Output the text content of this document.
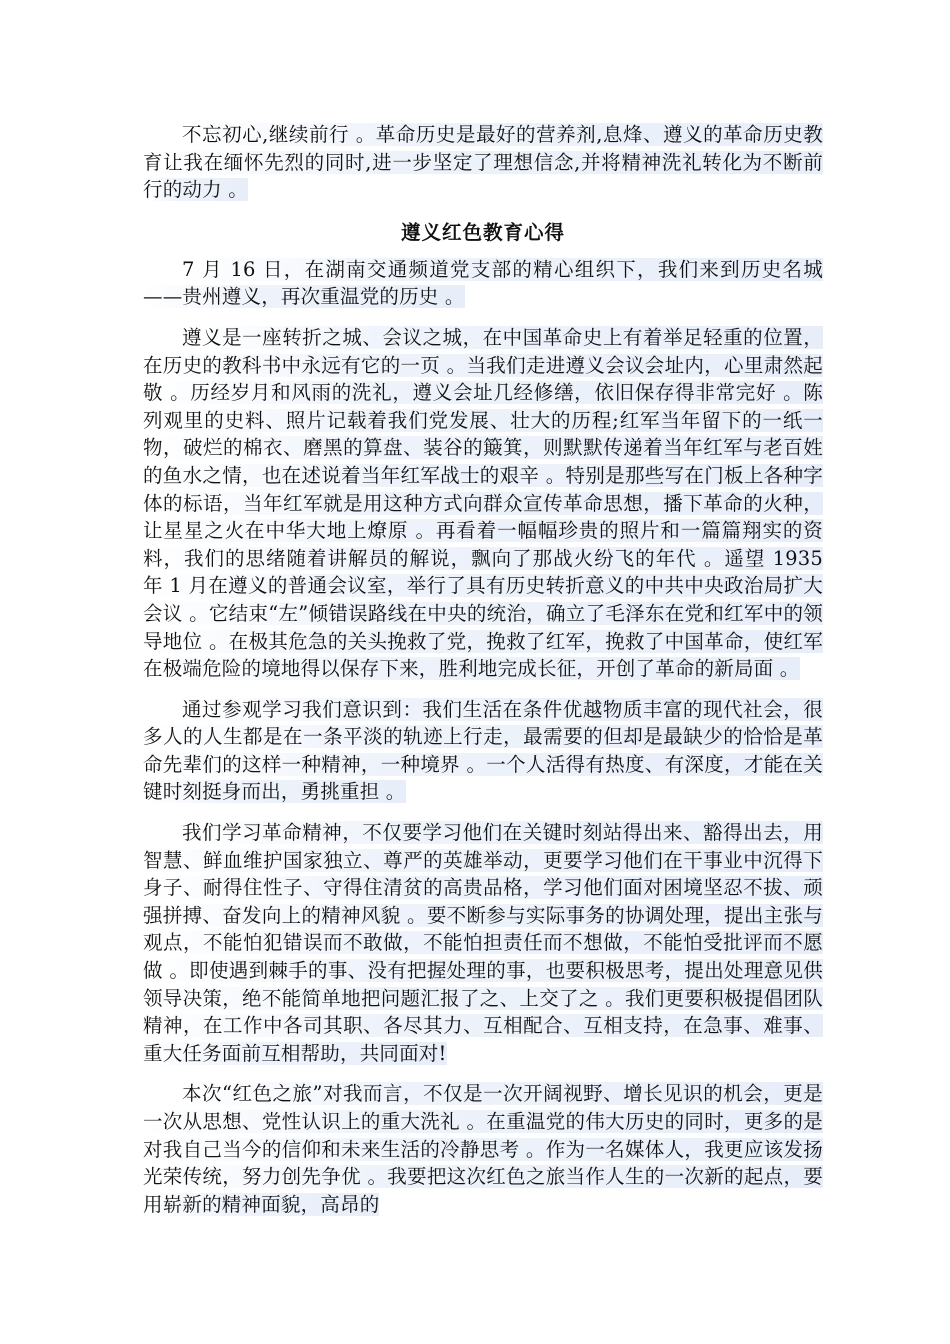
不忘初心,继续前行 。革命历史是最好的营养剂,息烽、遵义的革命历史教育让我在缅怀先烈的同时,进一步坚定了理想信念,并将精神洗礼转化为不断前行的动力 。

遵义红色教育心得

7 月 16 日，在湖南交通频道党支部的精心组织下，我们来到历史名城——贵州遵义，再次重温党的历史 。

遵义是一座转折之城、会议之城，在中国革命史上有着举足轻重的位置，在历史的教科书中永远有它的一页 。当我们走进遵义会议会址内，心里肃然起敬 。历经岁月和风雨的洗礼，遵义会址几经修缮，依旧保存得非常完好 。陈列观里的史料、照片记载着我们党发展、壮大的历程;红军当年留下的一纸一物，破烂的棉衣、磨黑的算盘、装谷的簸箕，则默默传递着当年红军与老百姓的鱼水之情，也在述说着当年红军战士的艰辛 。特别是那些写在门板上各种字体的标语，当年红军就是用这种方式向群众宣传革命思想，播下革命的火种，让星星之火在中华大地上燎原 。再看着一幅幅珍贵的照片和一篇篇翔实的资料，我们的思绪随着讲解员的解说，飘向了那战火纷飞的年代 。遥望 1935 年 1 月在遵义的普通会议室，举行了具有历史转折意义的中共中央政治局扩大会议 。它结束“左”倾错误路线在中央的统治，确立了毛泽东在党和红军中的领导地位 。在极其危急的关头挽救了党，挽救了红军，挽救了中国革命，使红军在极端危险的境地得以保存下来，胜利地完成长征，开创了革命的新局面 。

通过参观学习我们意识到：我们生活在条件优越物质丰富的现代社会，很多人的人生都是在一条平淡的轨迹上行走，最需要的但却是最缺少的恰恰是革命先辈们的这样一种精神，一种境界 。一个人活得有热度、有深度，才能在关键时刻挺身而出，勇挑重担 。

我们学习革命精神，不仅要学习他们在关键时刻站得出来、豁得出去，用智慧、鲜血维护国家独立、尊严的英雄举动，更要学习他们在干事业中沉得下身子、耐得住性子、守得住清贫的高贵品格，学习他们面对困境坚忍不拔、顽强拼搏、奋发向上的精神风貌 。要不断参与实际事务的协调处理，提出主张与观点，不能怕犯错误而不敢做，不能怕担责任而不想做，不能怕受批评而不愿做 。即使遇到棘手的事、没有把握处理的事，也要积极思考，提出处理意见供领导决策，绝不能简单地把问题汇报了之、上交了之 。我们更要积极提倡团队精神，在工作中各司其职、各尽其力、互相配合、互相支持，在急事、难事、重大任务面前互相帮助，共同面对!

本次“红色之旅”对我而言，不仅是一次开阔视野、增长见识的机会，更是一次从思想、党性认识上的重大洗礼 。在重温党的伟大历史的同时，更多的是对我自己当今的信仰和未来生活的冷静思考 。作为一名媒体人，我更应该发扬光荣传统，努力创先争优 。我要把这次红色之旅当作人生的一次新的起点，要用崭新的精神面貌，高昂的
